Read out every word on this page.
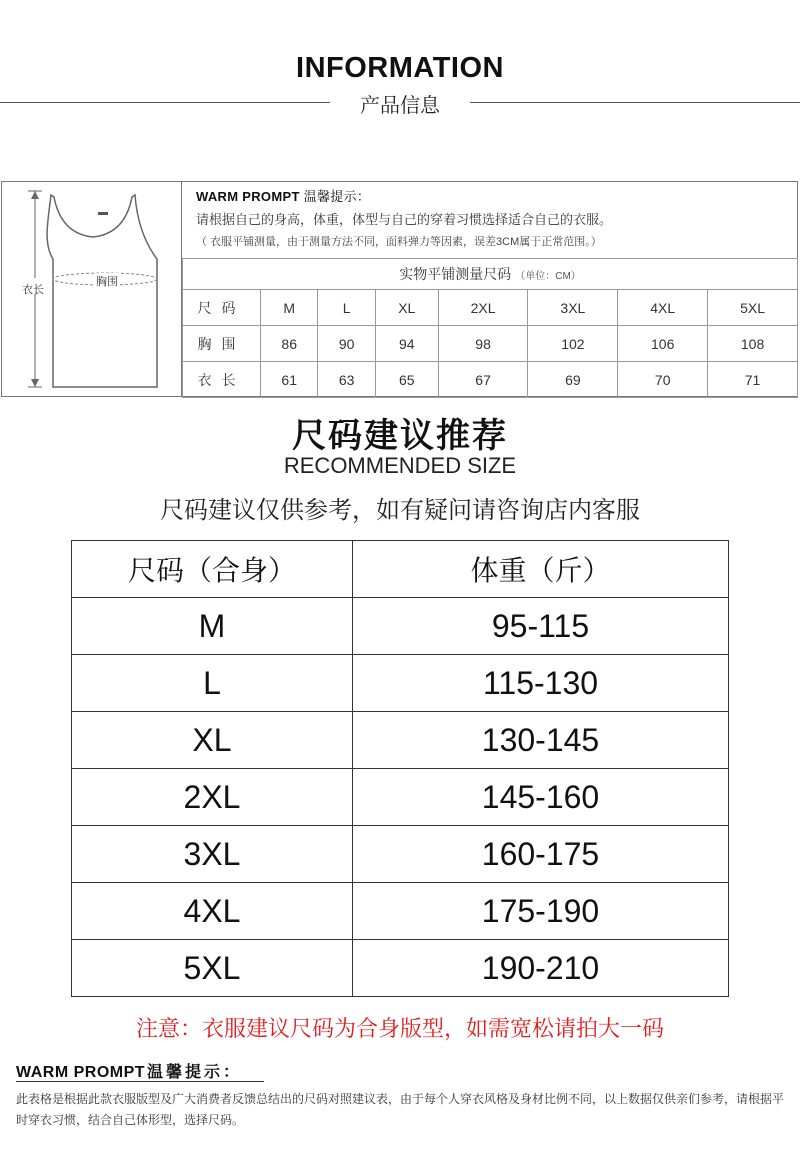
INFORMATION
产品信息
衣长
胸围
WARM PROMPT 温馨提示：
请根据自己的身高，体重，体型与自己的穿着习惯选择适合自己的衣服。
（ 衣服平铺测量，由于测量方法不同，面料弹力等因素，误差3CM属于正常范围。）
实物平铺测量尺码 （单位：CM）							
尺码	M	L	XL	2XL	3XL	4XL	5XL
胸围	86	90	94	98	102	106	108
衣长	61	63	65	67	69	70	71
尺码建议推荐
RECOMMENDED SIZE
尺码建议仅供参考，如有疑问请咨询店内客服
尺码（合身）	体重（斤）
M	95-115
L	115-130
XL	130-145
2XL	145-160
3XL	160-175
4XL	175-190
5XL	190-210
注意：衣服建议尺码为合身版型，如需宽松请拍大一码
WARM PROMPT 温馨提示：
此表格是根据此款衣服版型及广大消费者反馈总结出的尺码对照建议表，由于每个人穿衣风格及身材比例不同，以上数据仅供亲们参考，请根据平时穿衣习惯，结合自己体形型，选择尺码。
